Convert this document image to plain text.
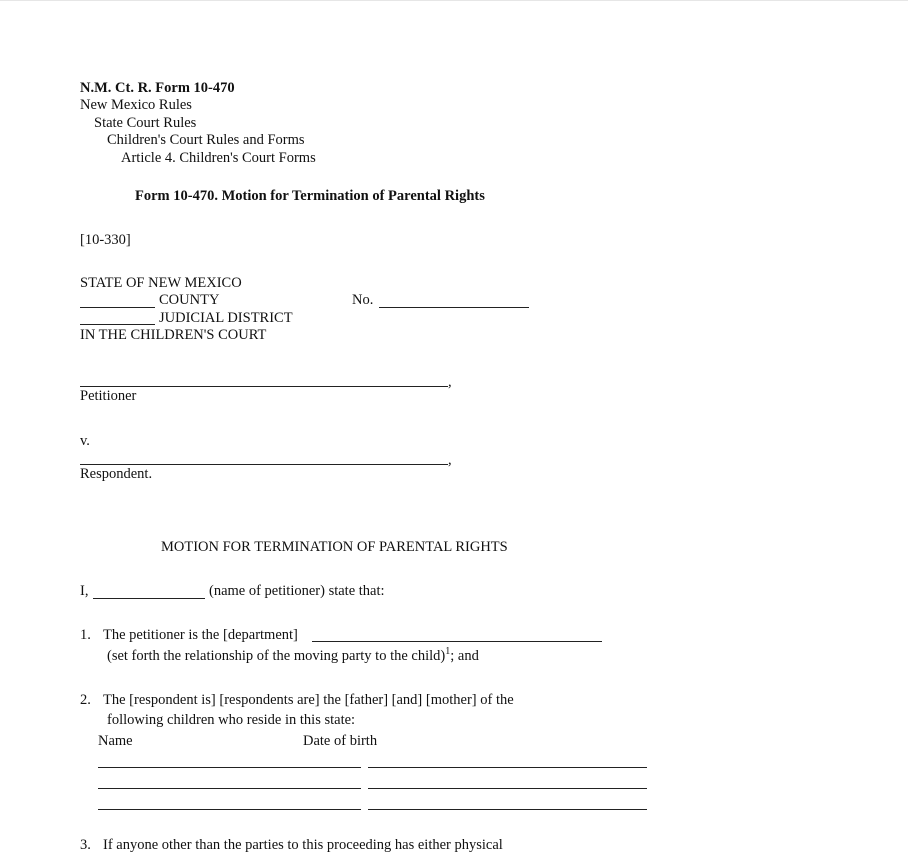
N.M. Ct. R. Form 10-470
New Mexico Rules
State Court Rules
Children's Court Rules and Forms
Article 4. Children's Court Forms
Form 10-470. Motion for Termination of Parental Rights
[10-330]
STATE OF NEW MEXICO
COUNTY
JUDICIAL DISTRICT
IN THE CHILDREN'S COURT
No.
,
Petitioner
v.
,
Respondent.
MOTION FOR TERMINATION OF PARENTAL RIGHTS
I,	(name of petitioner) state that:
1. The petitioner is the [department]
(set forth the relationship of the moving party to the child)$^1$; and
2. The [respondent is] [respondents are] the [father] [and] [mother] of the
following children who reside in this state:
Name	Date of birth
3. If anyone other than the parties to this proceeding has either physical
